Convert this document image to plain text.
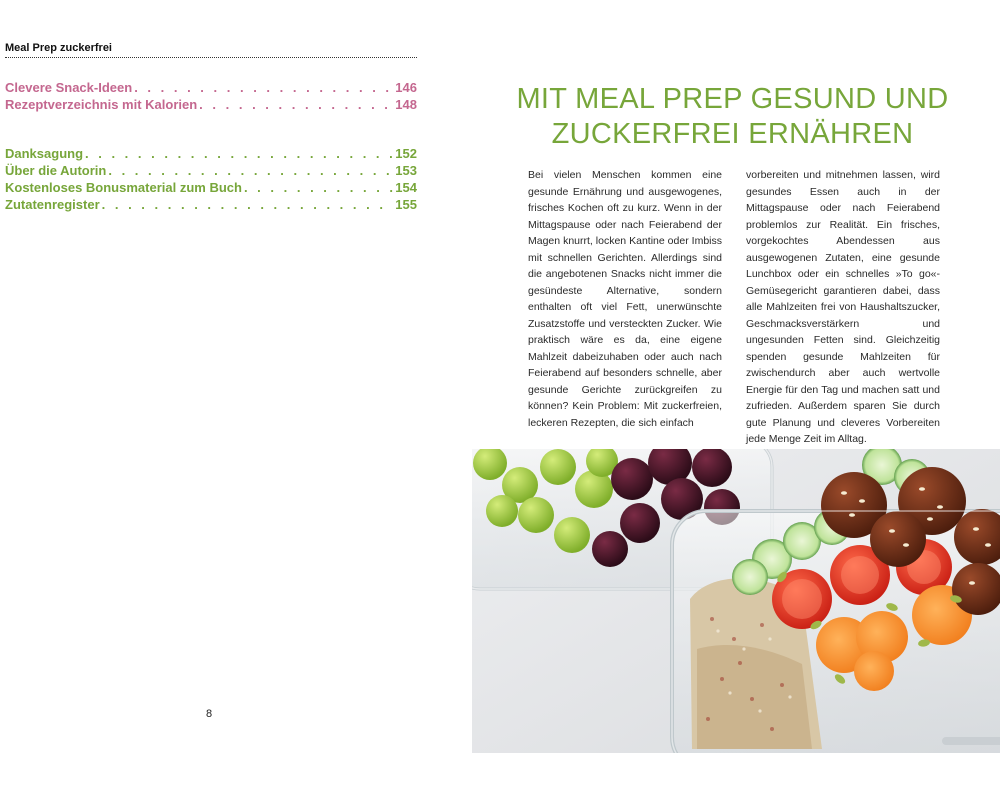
Meal Prep zuckerfrei
Clevere Snack-Ideen . . .	146
Rezeptverzeichnis mit Kalorien . . .	148
Danksagung . . .	152
Über die Autorin . . .	153
Kostenloses Bonusmaterial zum Buch . . .	154
Zutatenregister . . .	155
8
MIT MEAL PREP GESUND UND
ZUCKERFREI ERNÄHREN

Bei vielen Menschen kommen eine gesunde Ernährung und ausgewogenes, frisches Kochen oft zu kurz. Wenn in der Mittagspause oder nach Feierabend der Magen knurrt, locken Kantine oder Imbiss mit schnellen Gerichten. Allerdings sind die angebotenen Snacks nicht immer die gesündeste Alternative, sondern enthalten oft viel Fett, unerwünschte Zusatzstoffe und versteckten Zucker. Wie praktisch wäre es da, eine eigene Mahlzeit dabeizuhaben oder auch nach Feierabend auf besonders schnelle, aber gesunde Gerichte zurückgreifen zu können? Kein Problem: Mit zuckerfreien, leckeren Rezepten, die sich einfach

vorbereiten und mitnehmen lassen, wird gesundes Essen auch in der Mittagspause oder nach Feierabend problemlos zur Realität. Ein frisches, vorgekochtes Abendessen aus ausgewogenen Zutaten, eine gesunde Lunchbox oder ein schnelles »To go«-Gemüsegericht garantieren dabei, dass alle Mahlzeiten frei von Haushaltszucker, Geschmacksverstärkern und ungesunden Fetten sind. Gleichzeitig spenden gesunde Mahlzeiten für zwischendurch aber auch wertvolle Energie für den Tag und machen satt und zufrieden. Außerdem sparen Sie durch gute Planung und cleveres Vorbereiten jede Menge Zeit im Alltag.
